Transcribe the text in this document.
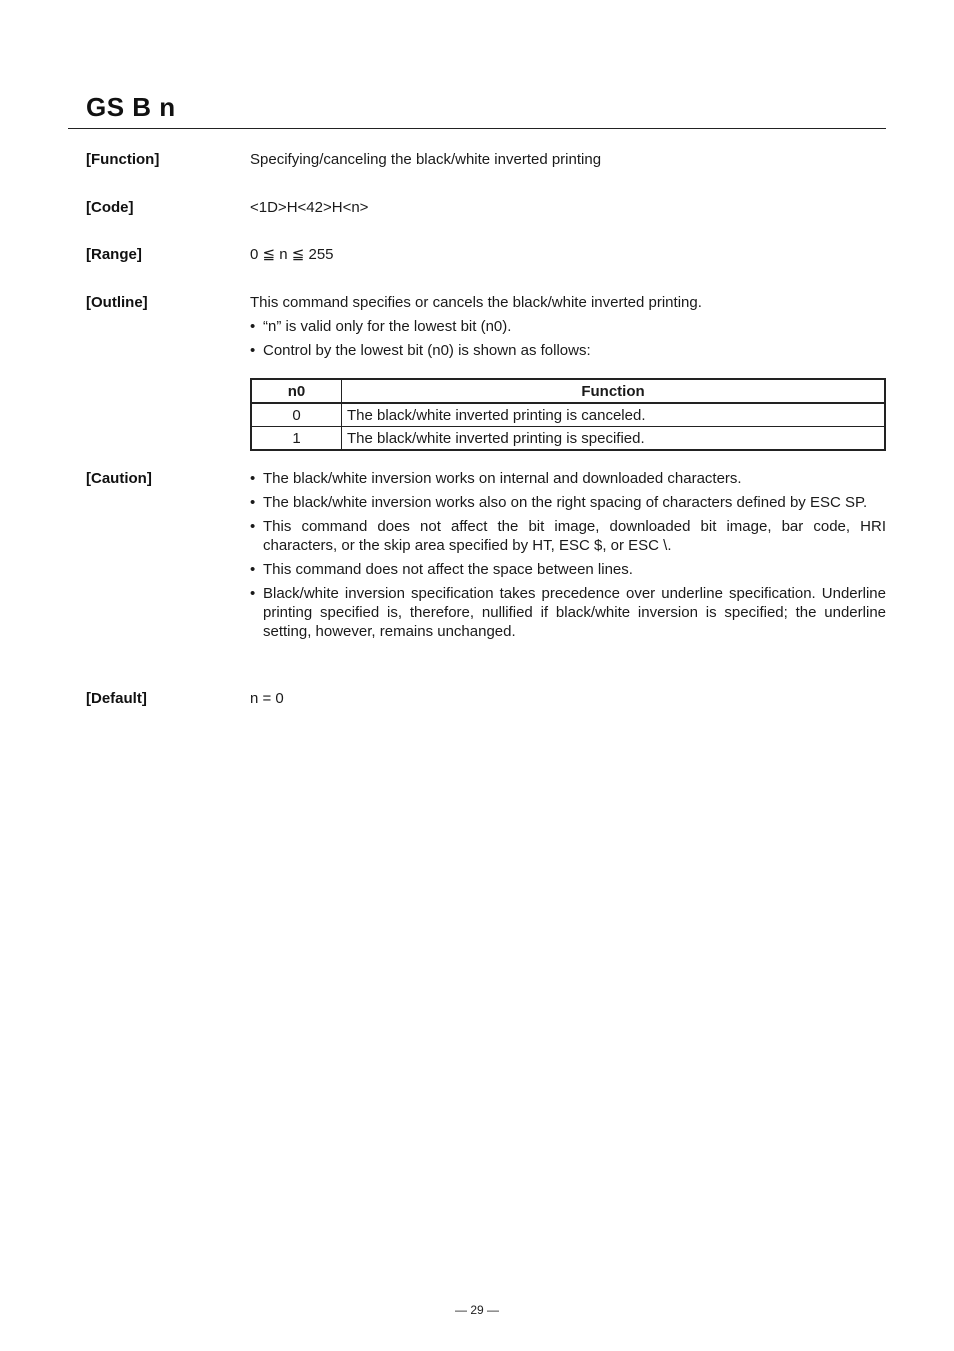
GS B n
[Function]	Specifying/canceling the black/white inverted printing
[Code]	<1D>H<42>H<n>
[Range]	0 ≦ n ≦ 255
[Outline]	This command specifies or cancels the black/white inverted printing.

• “n” is valid only for the lowest bit (n0).
• Control by the lowest bit (n0) is shown as follows:
n0	Function
0	The black/white inverted printing is canceled.
1	The black/white inverted printing is specified.
[Caution]	• The black/white inversion works on internal and downloaded characters.
• The black/white inversion works also on the right spacing of characters defined by ESC SP.
• This command does not affect the bit image, downloaded bit image, bar code, HRI characters, or the skip area specified by HT, ESC $, or ESC \.
• This command does not affect the space between lines.
• Black/white inversion specification takes precedence over underline specification. Underline printing specified is, therefore, nullified if black/white inversion is specified; the underline setting, however, remains unchanged.
[Default]	n = 0
— 29 —
